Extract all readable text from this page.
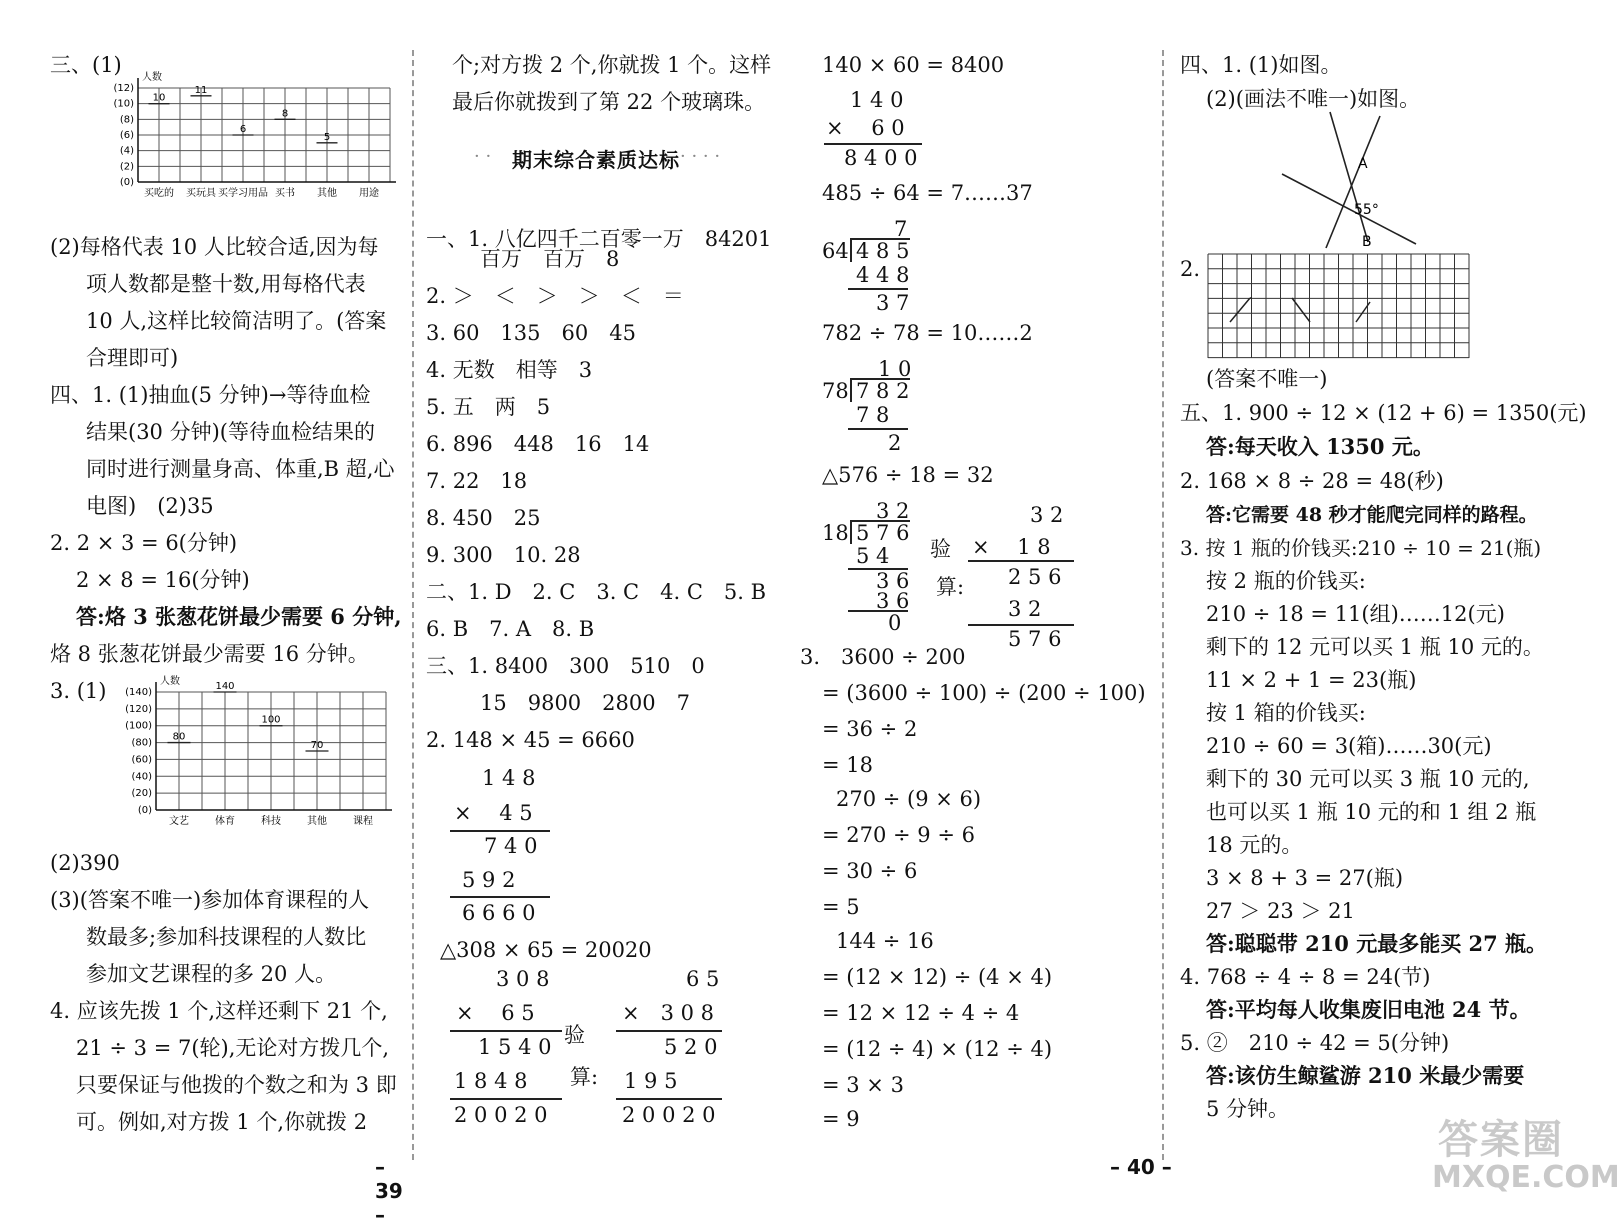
三、(1)
(0)
(2)
(4)
(6)
(8)
(10)
(12)
人数
10
11
6
8
5
买吃的 买玩具 买学习用品 买书 其他 用途
(2)每格代表 10 人比较合适,因为每
项人数都是整十数,用每格代表
10 人,这样比较简洁明了。(答案
合理即可)
四、1. (1)抽血(5 分钟)→等待血检
结果(30 分钟)(等待血检结果的
同时进行测量身高、体重,B 超,心
电图)　(2)35
2. 2 × 3 = 6(分钟)
2 × 8 = 16(分钟)
答:烙 3 张葱花饼最少需要 6 分钟,
烙 8 张葱花饼最少需要 16 分钟。
3. (1)
(0)
(20)
(40)
(60)
(80)
(100)
(120)
(140)
人数
80
140
100
70
文艺	体育	科技	其他	课程
(2)390
(3)(答案不唯一)参加体育课程的人
数最多;参加科技课程的人数比
参加文艺课程的多 20 人。
4. 应该先拨 1 个,这样还剩下 21 个,
21 ÷ 3 = 7(轮),无论对方拨几个,
只要保证与他拨的个数之和为 3 即
可。例如,对方拨 1 个,你就拨 2
– 39 –
个;对方拨 2 个,你就拨 1 个。这样
最后你就拨到了第 22 个玻璃珠。
· · 期末综合素质达标 · · · ·
一、1. 八亿四千二百零一万　84201
百万　百万　8
2. ＞　＜　＞　＞　＜　＝
3. 60　135　60　45
4. 无数　相等　3
5. 五　两　5
6. 896　448　16　14
7. 22　18
8. 450　25
9. 300　10. 28
二、1. D　2. C　3. C　4. C　5. B
6. B　7. A　8. B
三、1. 8400　300　510　0
15　9800　2800　7
2. 148 × 45 = 6660
1 4 8
×　 4 5
7 4 0
5 9 2
6 6 6 0
△308 × 65 = 20020
3 0 8
×　 6 5
1 5 4 0
1 8 4 8
2 0 0 2 0
验
算:
6 5
×　3 0 8
5 2 0
1 9 5
2 0 0 2 0
140 × 60 = 8400
1 4 0
×　 6 0
8 4 0 0
485 ÷ 64 = 7……37
7
64 4 8 5
4 4 8
3 7
782 ÷ 78 = 10……2
1 0
78 7 8 2
7 8
2
△576 ÷ 18 = 32
3 2
18 5 7 6
5 4
3 6
3 6
0
验
算:
3 2
×　 1 8
2 5 6
3 2
5 7 6
3.　3600 ÷ 200
= (3600 ÷ 100) ÷ (200 ÷ 100)
= 36 ÷ 2
= 18
270 ÷ (9 × 6)
= 270 ÷ 9 ÷ 6
= 30 ÷ 6
= 5
144 ÷ 16
= (12 × 12) ÷ (4 × 4)
= 12 × 12 ÷ 4 ÷ 4
= (12 ÷ 4) × (12 ÷ 4)
= 3 × 3
= 9
四、1. (1)如图。
(2)(画法不唯一)如图。
A
55°
B
2.
(答案不唯一)
五、1. 900 ÷ 12 × (12 + 6) = 1350(元)
答:每天收入 1350 元。
2. 168 × 8 ÷ 28 = 48(秒)
答:它需要 48 秒才能爬完同样的路程。
3. 按 1 瓶的价钱买:210 ÷ 10 = 21(瓶)
按 2 瓶的价钱买:
210 ÷ 18 = 11(组)……12(元)
剩下的 12 元可以买 1 瓶 10 元的。
11 × 2 + 1 = 23(瓶)
按 1 箱的价钱买:
210 ÷ 60 = 3(箱)……30(元)
剩下的 30 元可以买 3 瓶 10 元的,
也可以买 1 瓶 10 元的和 1 组 2 瓶
18 元的。
3 × 8 + 3 = 27(瓶)
27 ＞ 23 ＞ 21
答:聪聪带 210 元最多能买 27 瓶。
4. 768 ÷ 4 ÷ 8 = 24(节)
答:平均每人收集废旧电池 24 节。
5. ②　210 ÷ 42 = 5(分钟)
答:该仿生鲸鲨游 210 米最少需要
5 分钟。
– 40 –
答案圈
MXQE.COM
